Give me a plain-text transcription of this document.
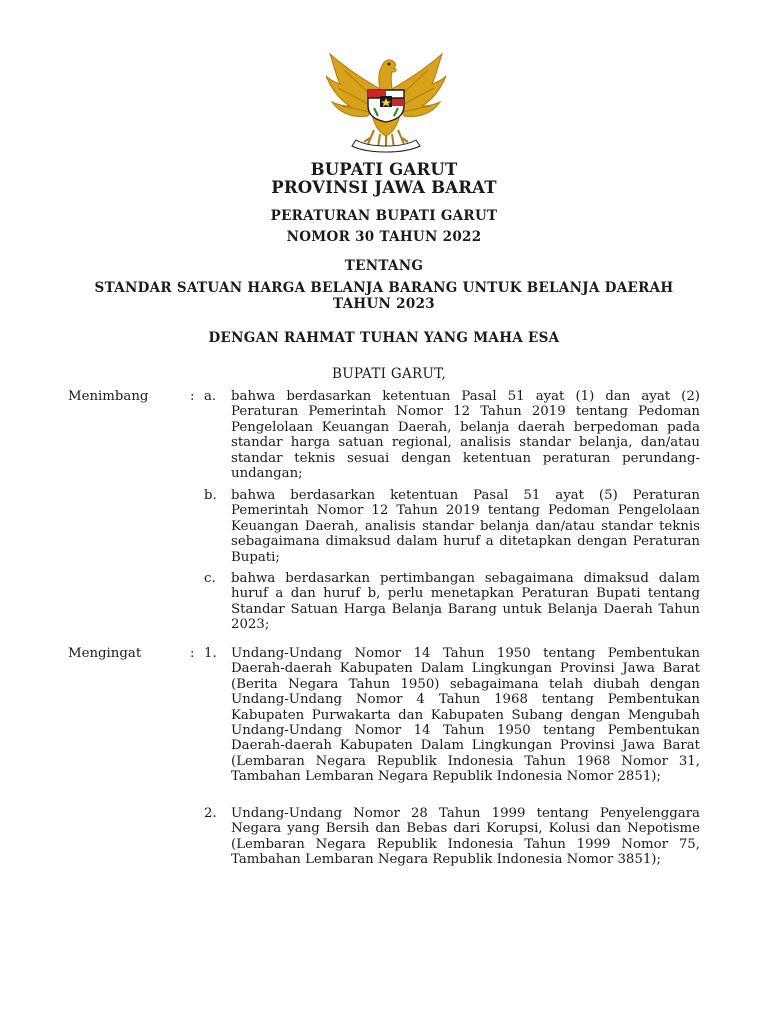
BUPATI GARUT
PROVINSI JAWA BARAT
PERATURAN BUPATI GARUT
NOMOR 30 TAHUN 2022
TENTANG
STANDAR SATUAN HARGA BELANJA BARANG UNTUK BELANJA DAERAH
TAHUN 2023
DENGAN RAHMAT TUHAN YANG MAHA ESA
BUPATI GARUT,
Menimbang	: a. bahwa berdasarkan ketentuan Pasal 51 ayat (1) dan ayat (2) Peraturan Pemerintah Nomor 12 Tahun 2019 tentang Pedoman Pengelolaan Keuangan Daerah, belanja daerah berpedoman pada standar harga satuan regional, analisis standar belanja, dan/atau standar teknis sesuai dengan ketentuan peraturan perundang-undangan;
b. bahwa berdasarkan ketentuan Pasal 51 ayat (5) Peraturan Pemerintah Nomor 12 Tahun 2019 tentang Pedoman Pengelolaan Keuangan Daerah, analisis standar belanja dan/atau standar teknis sebagaimana dimaksud dalam huruf a ditetapkan dengan Peraturan Bupati;
c. bahwa berdasarkan pertimbangan sebagaimana dimaksud dalam huruf a dan huruf b, perlu menetapkan Peraturan Bupati tentang Standar Satuan Harga Belanja Barang untuk Belanja Daerah Tahun 2023;
Mengingat	: 1. Undang-Undang Nomor 14 Tahun 1950 tentang Pembentukan Daerah-daerah Kabupaten Dalam Lingkungan Provinsi Jawa Barat (Berita Negara Tahun 1950) sebagaimana telah diubah dengan Undang-Undang Nomor 4 Tahun 1968 tentang Pembentukan Kabupaten Purwakarta dan Kabupaten Subang dengan Mengubah Undang-Undang Nomor 14 Tahun 1950 tentang Pembentukan Daerah-daerah Kabupaten Dalam Lingkungan Provinsi Jawa Barat (Lembaran Negara Republik Indonesia Tahun 1968 Nomor 31, Tambahan Lembaran Negara Republik Indonesia Nomor 2851);
2. Undang-Undang Nomor 28 Tahun 1999 tentang Penyelenggara Negara yang Bersih dan Bebas dari Korupsi, Kolusi dan Nepotisme (Lembaran Negara Republik Indonesia Tahun 1999 Nomor 75, Tambahan Lembaran Negara Republik Indonesia Nomor 3851);
